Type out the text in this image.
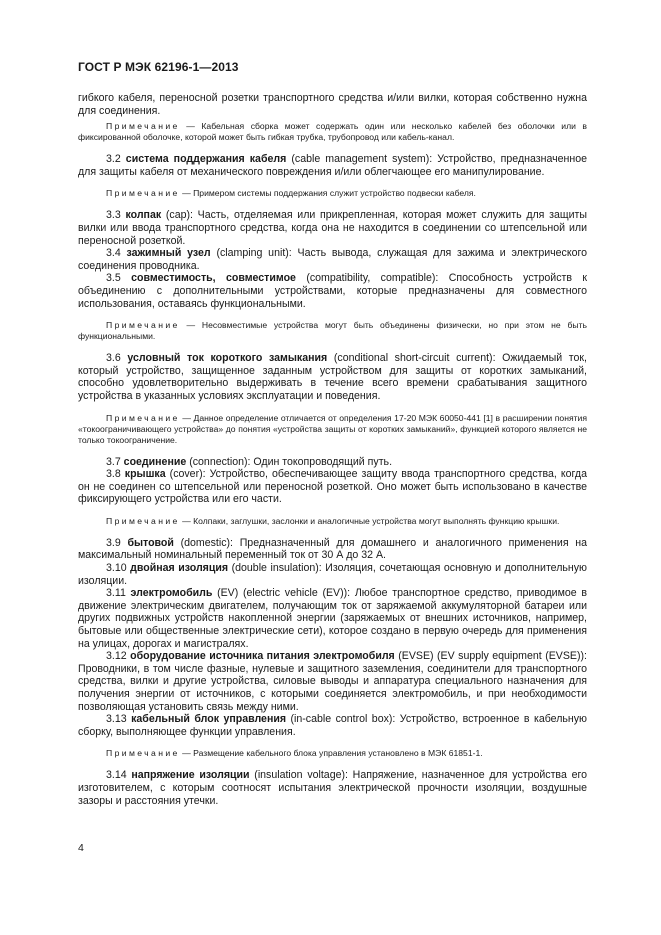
ГОСТ Р МЭК 62196-1—2013

гибкого кабеля, переносной розетки транспортного средства и/или вилки, которая собственно нужна для соединения.

Примечание — Кабельная сборка может содержать один или несколько кабелей без оболочки или в фиксированной оболочке, которой может быть гибкая трубка, трубопровод или кабель-канал.

3.2 система поддержания кабеля (cable management system): Устройство, предназначенное для защиты кабеля от механического повреждения и/или облегчающее его манипулирование.

Примечание — Примером системы поддержания служит устройство подвески кабеля.

3.3 колпак (cap): Часть, отделяемая или прикрепленная, которая может служить для защиты вилки или ввода транспортного средства, когда она не находится в соединении со штепсельной или переносной розеткой.

3.4 зажимный узел (clamping unit): Часть вывода, служащая для зажима и электрического соединения проводника.

3.5 совместимость, совместимое (compatibility, compatible): Способность устройств к объединению с дополнительными устройствами, которые предназначены для совместного использования, оставаясь функциональными.

Примечание — Несовместимые устройства могут быть объединены физически, но при этом не быть функциональными.

3.6 условный ток короткого замыкания (conditional short-circuit current): Ожидаемый ток, который устройство, защищенное заданным устройством для защиты от коротких замыканий, способно удовлетворительно выдерживать в течение всего времени срабатывания защитного устройства в указанных условиях эксплуатации и поведения.

Примечание — Данное определение отличается от определения 17-20 МЭК 60050-441 [1] в расширении понятия «токоограничивающего устройства» до понятия «устройства защиты от коротких замыканий», функцией которого является не только токоограничение.

3.7 соединение (connection): Один токопроводящий путь.

3.8 крышка (cover): Устройство, обеспечивающее защиту ввода транспортного средства, когда он не соединен со штепсельной или переносной розеткой. Оно может быть использовано в качестве фиксирующего устройства или его части.

Примечание — Колпаки, заглушки, заслонки и аналогичные устройства могут выполнять функцию крышки.

3.9 бытовой (domestic): Предназначенный для домашнего и аналогичного применения на максимальный номинальный переменный ток от 30 А до 32 А.

3.10 двойная изоляция (double insulation): Изоляция, сочетающая основную и дополнительную изоляции.

3.11 электромобиль (EV) (electric vehicle (EV)): Любое транспортное средство, приводимое в движение электрическим двигателем, получающим ток от заряжаемой аккумуляторной батареи или других подвижных устройств накопленной энергии (заряжаемых от внешних источников, например, бытовые или общественные электрические сети), которое создано в первую очередь для применения на улицах, дорогах и магистралях.

3.12 оборудование источника питания электромобиля (EVSE) (EV supply equipment (EVSE)): Проводники, в том числе фазные, нулевые и защитного заземления, соединители для транспортного средства, вилки и другие устройства, силовые выводы и аппаратура специального назначения для получения энергии от источников, с которыми соединяется электромобиль, и при необходимости позволяющая установить связь между ними.

3.13 кабельный блок управления (in-cable control box): Устройство, встроенное в кабельную сборку, выполняющее функции управления.

Примечание — Размещение кабельного блока управления установлено в МЭК 61851-1.

3.14 напряжение изоляции (insulation voltage): Напряжение, назначенное для устройства его изготовителем, с которым соотносят испытания электрической прочности изоляции, воздушные зазоры и расстояния утечки.

4
